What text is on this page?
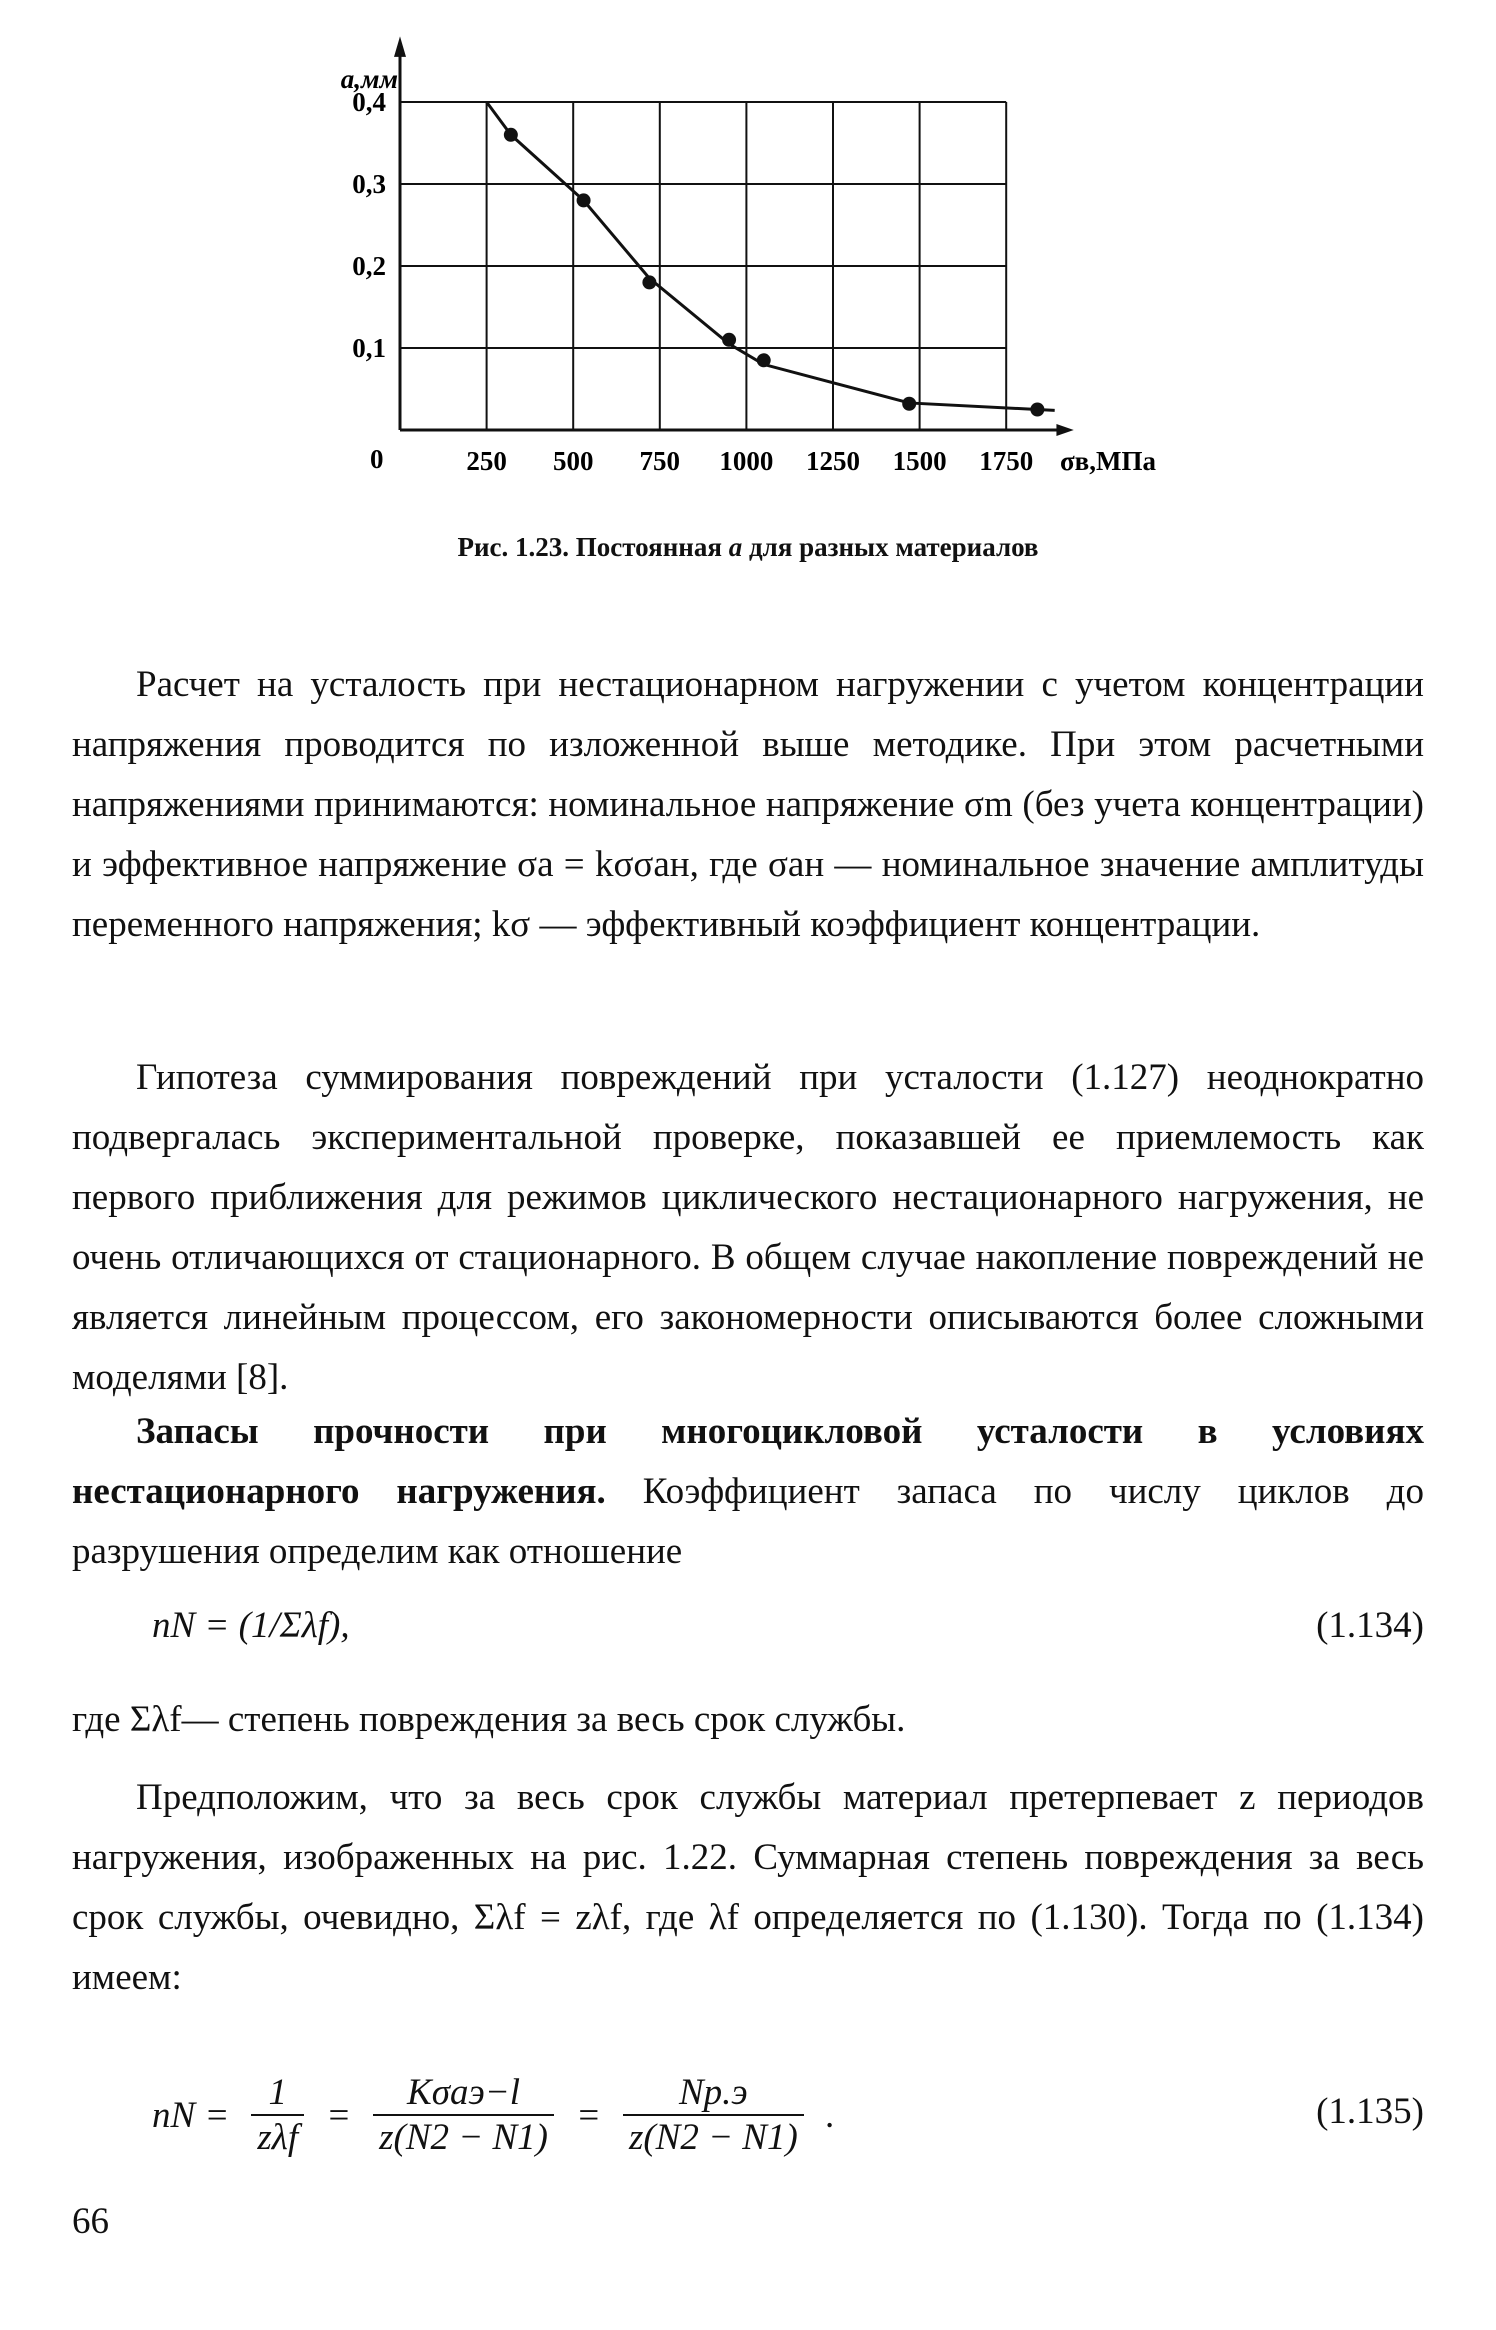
250 500 750 1000 1250 1500 1750
0,4
0,3
0,2
0,1
a,мм
σв,МПа
0
Рис. 1.23. Постоянная a для разных материалов

Расчет на усталость при нестационарном нагружении с учетом концентрации напряжения проводится по изложенной выше методике. При этом расчетными напряжениями принимаются: номинальное напряжение σm (без учета концентрации) и эффективное напряжение σa = kσσaн, где σaн — номинальное значение амплитуды переменного напряжения; kσ — эффективный коэффициент концентрации.

Гипотеза суммирования повреждений при усталости (1.127) неоднократно подвергалась экспериментальной проверке, показавшей ее приемлемость как первого приближения для режимов циклического нестационарного нагружения, не очень отличающихся от стационарного. В общем случае накопление повреждений не является линейным процессом, его закономерности описываются более сложными моделями [8].

Запасы прочности при многоцикловой усталости в условиях нестационарного нагружения. Коэффициент запаса по числу циклов до разрушения определим как отношение

nN = (1/Σλf),	(1.134)

где Σλf— степень повреждения за весь срок службы.

Предположим, что за весь срок службы материал претерпевает z периодов нагружения, изображенных на рис. 1.22. Суммарная степень повреждения за весь срок службы, очевидно, Σλf = zλf, где λf определяется по (1.130). Тогда по (1.134) имеем:

nN = $\frac{1}{\text{zλf}} = \frac{\text{Kσaэ−l}}{z(N2 - N1)} = \frac{Nр.э}{z(N2 - N1)}$ .	(1.135)
66
